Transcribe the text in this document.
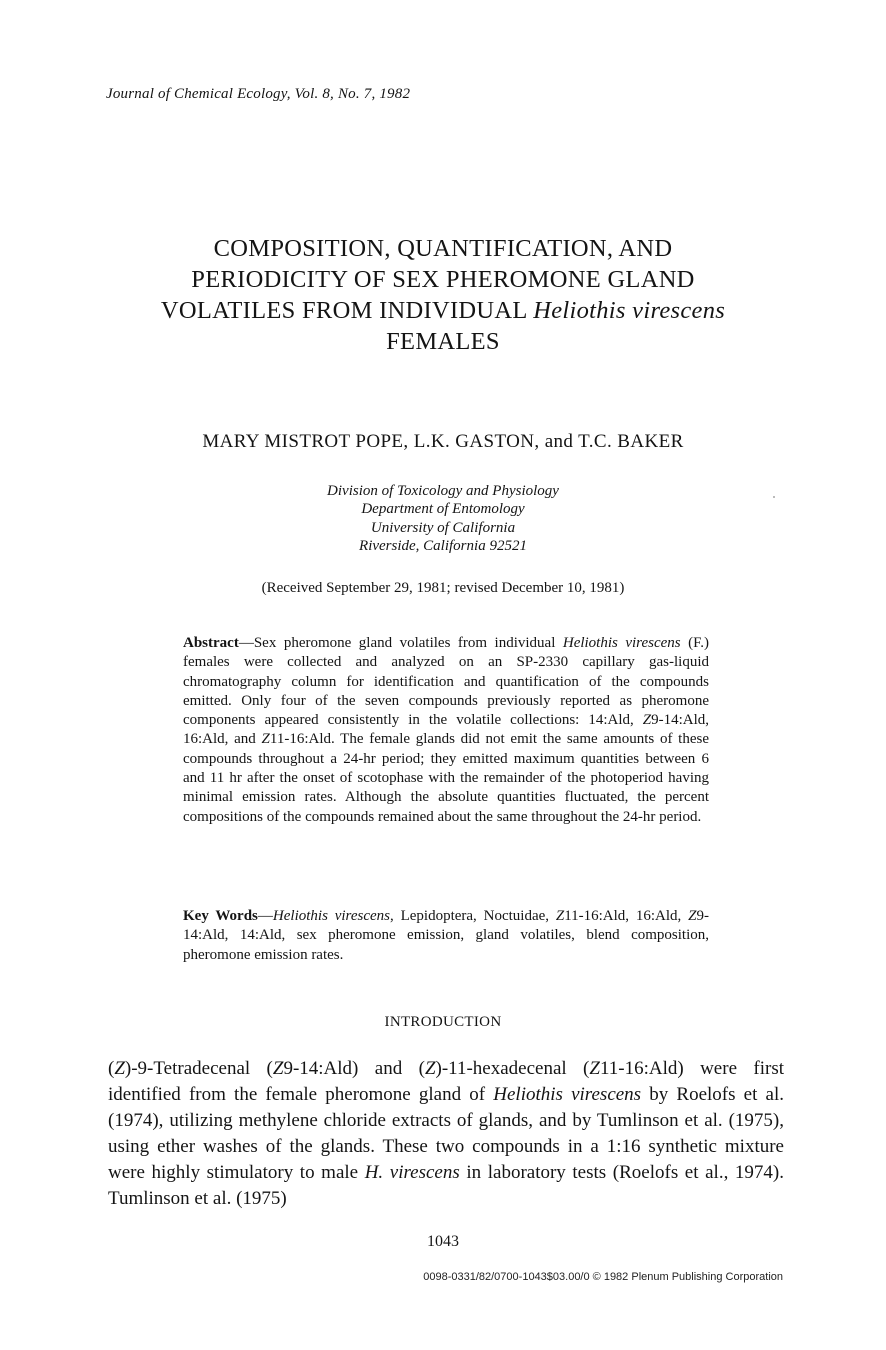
Journal of Chemical Ecology, Vol. 8, No. 7, 1982
COMPOSITION, QUANTIFICATION, AND
PERIODICITY OF SEX PHEROMONE GLAND
VOLATILES FROM INDIVIDUAL Heliothis virescens
FEMALES
MARY MISTROT POPE, L.K. GASTON, and T.C. BAKER
Division of Toxicology and Physiology
Department of Entomology
University of California
Riverside, California 92521
(Received September 29, 1981; revised December 10, 1981)
Abstract—Sex pheromone gland volatiles from individual Heliothis virescens (F.) females were collected and analyzed on an SP-2330 capillary gas-liquid chromatography column for identification and quantification of the compounds emitted. Only four of the seven compounds previously reported as pheromone components appeared consistently in the volatile collections: 14:Ald, Z9-14:Ald, 16:Ald, and Z11-16:Ald. The female glands did not emit the same amounts of these compounds throughout a 24-hr period; they emitted maximum quantities between 6 and 11 hr after the onset of scotophase with the remainder of the photoperiod having minimal emission rates. Although the absolute quantities fluctuated, the percent compositions of the compounds remained about the same throughout the 24-hr period.
Key Words—Heliothis virescens, Lepidoptera, Noctuidae, Z11-16:Ald, 16:Ald, Z9-14:Ald, 14:Ald, sex pheromone emission, gland volatiles, blend composition, pheromone emission rates.
INTRODUCTION
(Z)-9-Tetradecenal (Z9-14:Ald) and (Z)-11-hexadecenal (Z11-16:Ald) were first identified from the female pheromone gland of Heliothis virescens by Roelofs et al. (1974), utilizing methylene chloride extracts of glands, and by Tumlinson et al. (1975), using ether washes of the glands. These two compounds in a 1:16 synthetic mixture were highly stimulatory to male H. virescens in laboratory tests (Roelofs et al., 1974). Tumlinson et al. (1975)
1043
0098-0331/82/0700-1043$03.00/0 © 1982 Plenum Publishing Corporation
